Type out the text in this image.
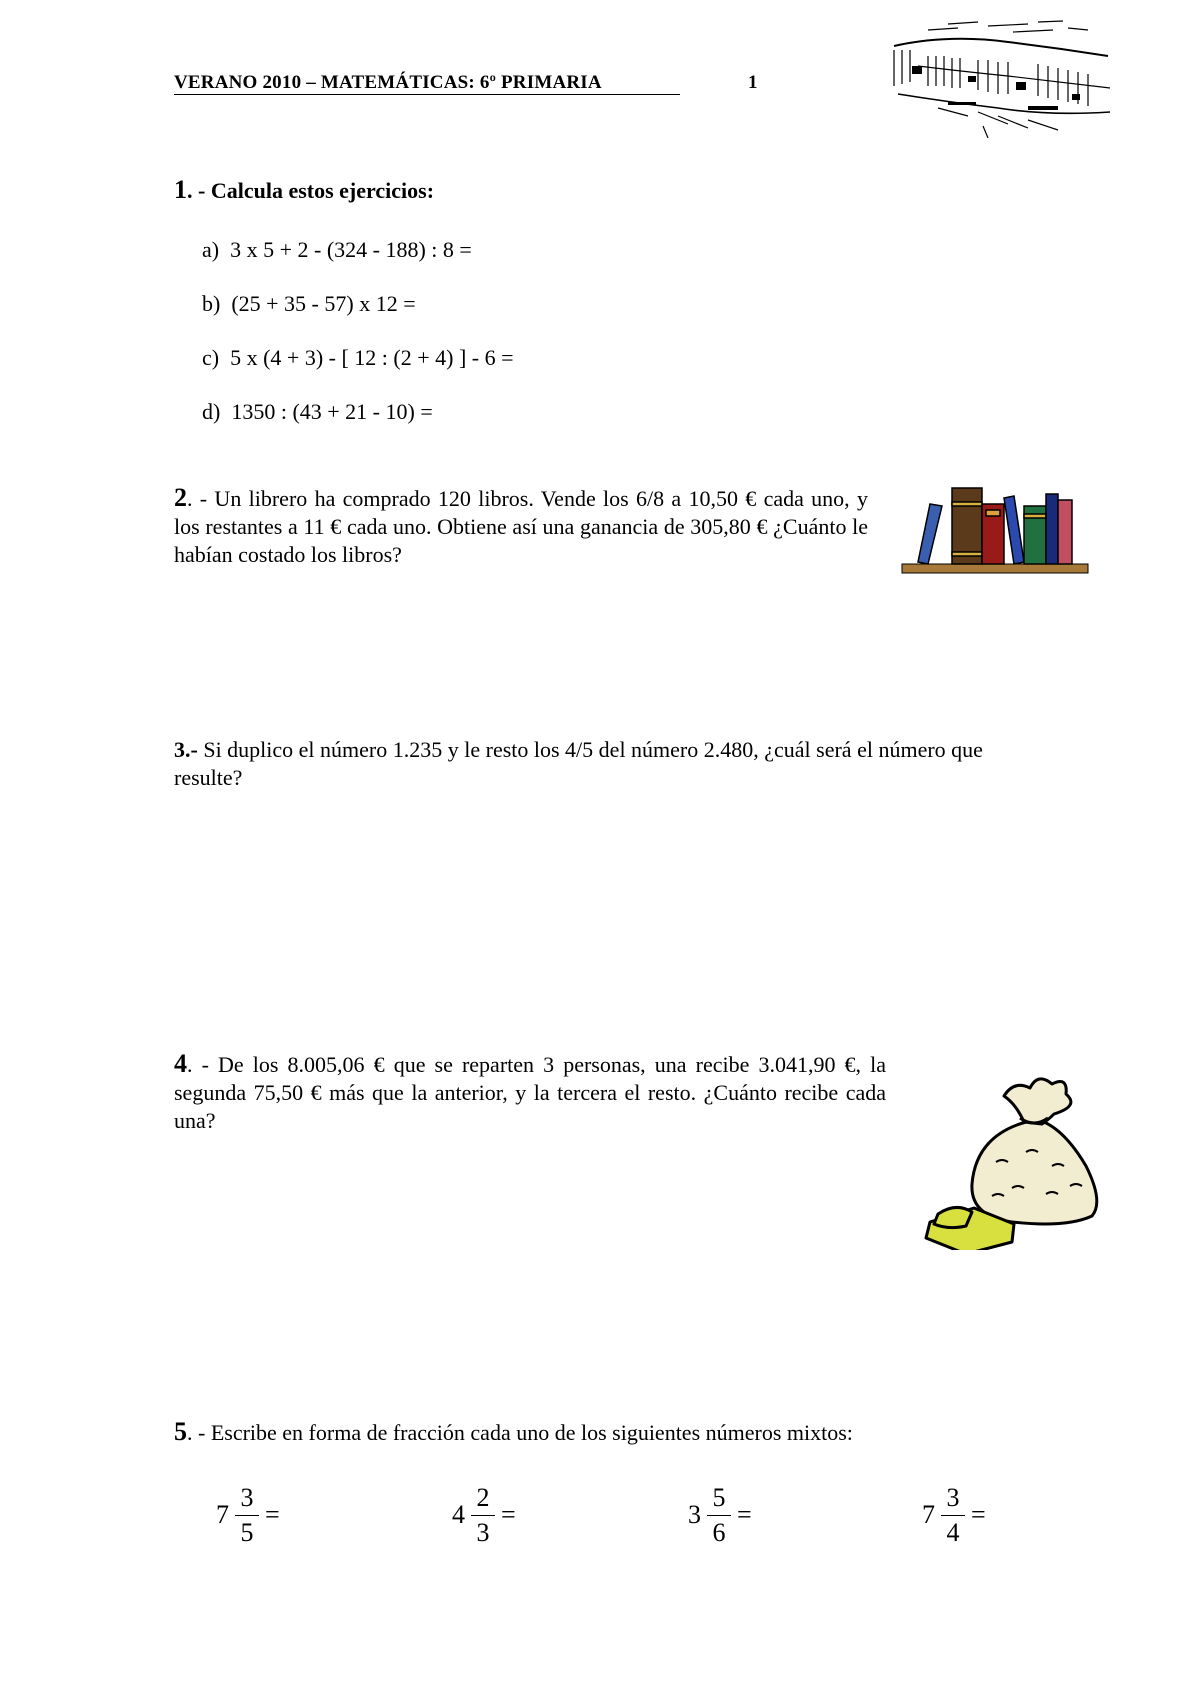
VERANO 2010 – MATEMÁTICAS: 6º PRIMARIA	1
1. - Calcula estos ejercicios:
a) 3 x 5 + 2 - (324 - 188) : 8 =
b) (25 + 35 - 57) x 12 =
c) 5 x (4 + 3) - [ 12 : (2 + 4) ] - 6 =
d) 1350 : (43 + 21 - 10) =
2. - Un librero ha comprado 120 libros. Vende los 6/8 a 10,50 € cada uno, y los restantes a 11 € cada uno. Obtiene así una ganancia de 305,80 € ¿Cuánto le habían costado los libros?
3.- Si duplico el número 1.235 y le resto los 4/5 del número 2.480, ¿cuál será el número que resulte?
4. - De los 8.005,06 € que se reparten 3 personas, una recibe 3.041,90 €, la segunda 75,50 € más que la anterior, y la tercera el resto. ¿Cuánto recibe cada una?
5. - Escribe en forma de fracción cada uno de los siguientes números mixtos:
$7 \frac{3}{5}$ =	$4 \frac{2}{3}$ =	$3 \frac{5}{6}$ =	$7 \frac{3}{4}$ =
